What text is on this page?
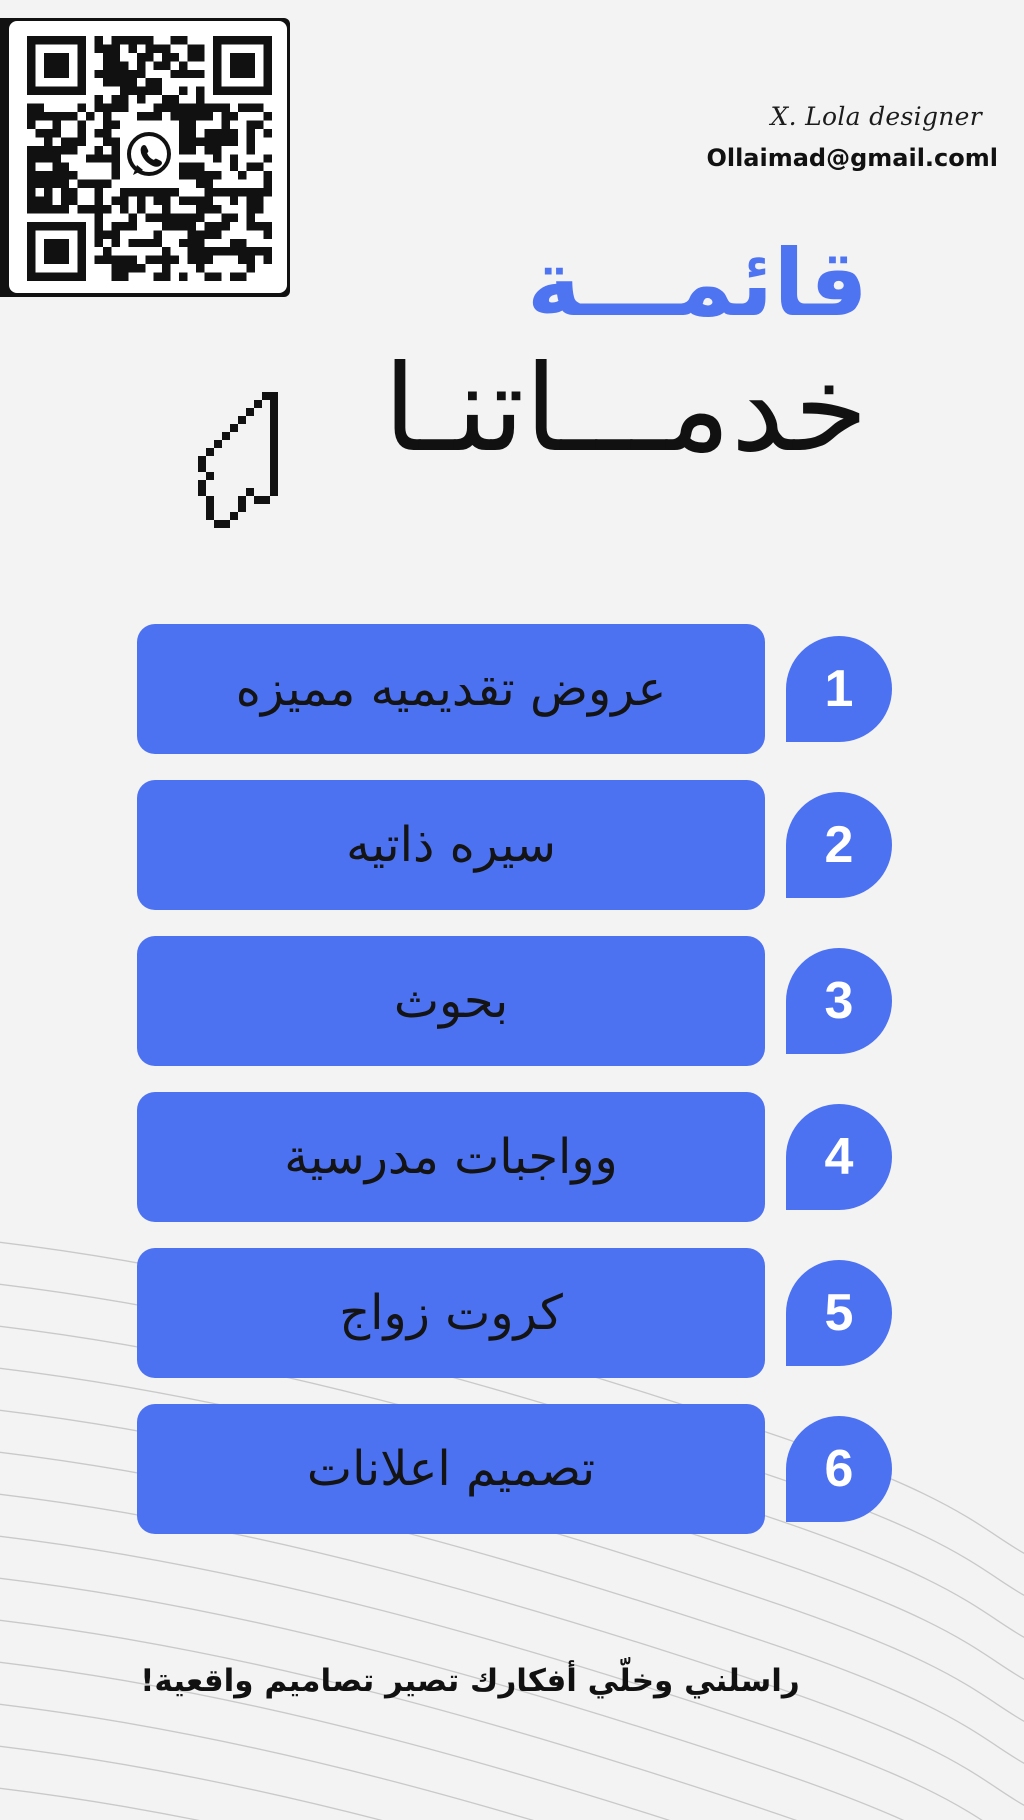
X. Lola designer
Ollaimad@gmail.coml
قائمـــة
خدمـــاتنـا
عروض تقديميه مميزه	1
سيره ذاتيه	2
بحوث	3
وواجبات مدرسية	4
كروت زواج	5
تصميم اعلانات	6
راسلني وخلّي أفكارك تصير تصاميم واقعية!
